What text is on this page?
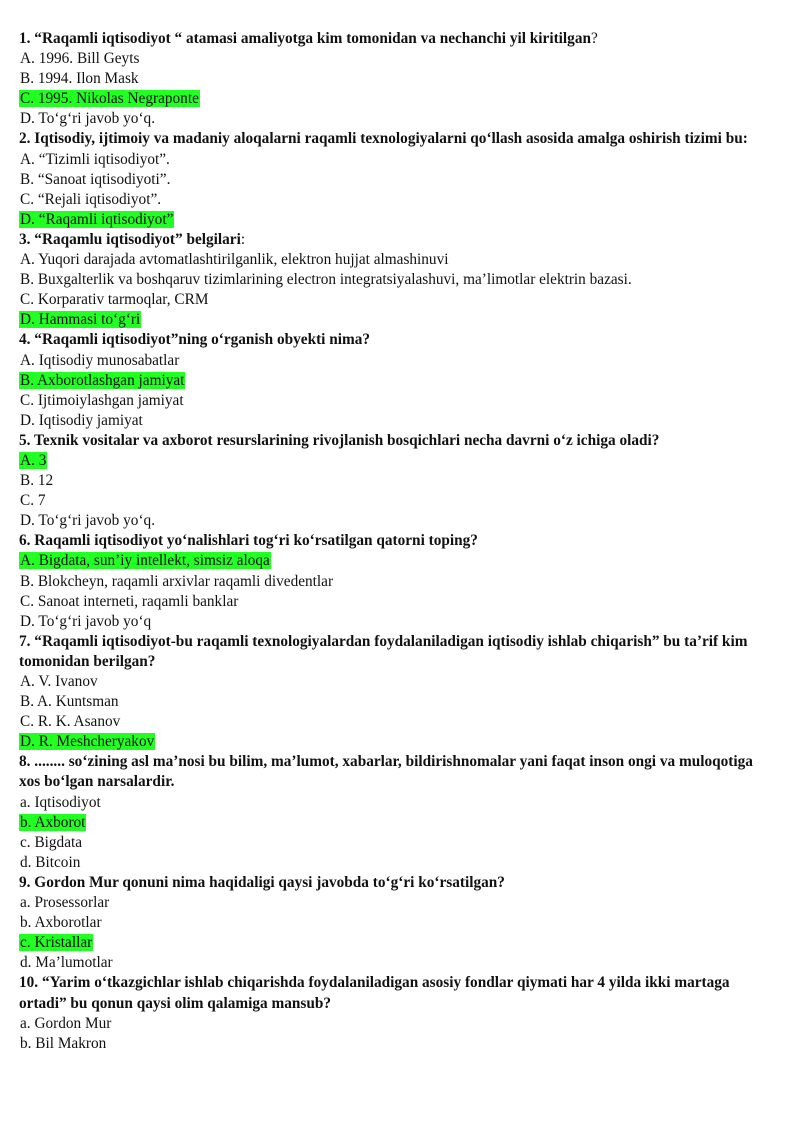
1. “Raqamli iqtisodiyot “ atamasi amaliyotga kim tomonidan va nechanchi yil kiritilgan?
A. 1996. Bill Geyts
B. 1994. Ilon Mask
C. 1995. Nikolas Negraponte
D. To‘g‘ri javob yo‘q.
2. Iqtisodiy, ijtimoiy va madaniy aloqalarni raqamli texnologiyalarni qo‘llash asosida amalga oshirish tizimi bu:
A. “Tizimli iqtisodiyot”.
B. “Sanoat iqtisodiyoti”.
C. “Rejali iqtisodiyot”.
D. “Raqamli iqtisodiyot”
3. “Raqamlu iqtisodiyot” belgilari:
A. Yuqori darajada avtomatlashtirilganlik, elektron hujjat almashinuvi
B. Buxgalterlik va boshqaruv tizimlarining electron integratsiyalashuvi, ma’limotlar elektrin bazasi.
C. Korparativ tarmoqlar, CRM
D. Hammasi to‘g‘ri
4. “Raqamli iqtisodiyot”ning o‘rganish obyekti nima?
A. Iqtisodiy munosabatlar
B. Axborotlashgan jamiyat
C. Ijtimoiylashgan jamiyat
D. Iqtisodiy jamiyat
5. Texnik vositalar va axborot resurslarining rivojlanish bosqichlari necha davrni o‘z ichiga oladi?
A. 3
B. 12
C. 7
D. To‘g‘ri javob yo‘q.
6. Raqamli iqtisodiyot yo‘nalishlari tog‘ri ko‘rsatilgan qatorni toping?
A. Bigdata, sun’iy intellekt, simsiz aloqa
B. Blokcheyn, raqamli arxivlar raqamli divedentlar
C. Sanoat interneti, raqamli banklar
D. To‘g‘ri javob yo‘q
7. “Raqamli iqtisodiyot-bu raqamli texnologiyalardan foydalaniladigan iqtisodiy ishlab chiqarish” bu ta’rif kim tomonidan berilgan?
A. V. Ivanov
B. A. Kuntsman
C. R. K. Asanov
D. R. Meshcheryakov
8. ........ so‘zining asl ma’nosi bu bilim, ma’lumot, xabarlar, bildirishnomalar yani faqat inson ongi va muloqotiga xos bo‘lgan narsalardir.
a. Iqtisodiyot
b. Axborot
c. Bigdata
d. Bitcoin
9. Gordon Mur qonuni nima haqidaligi qaysi javobda to‘g‘ri ko‘rsatilgan?
a. Prosessorlar
b. Axborotlar
c. Kristallar
d. Ma’lumotlar
10. “Yarim o‘tkazgichlar ishlab chiqarishda foydalaniladigan asosiy fondlar qiymati har 4 yilda ikki martaga ortadi” bu qonun qaysi olim qalamiga mansub?
a. Gordon Mur
b. Bil Makron
